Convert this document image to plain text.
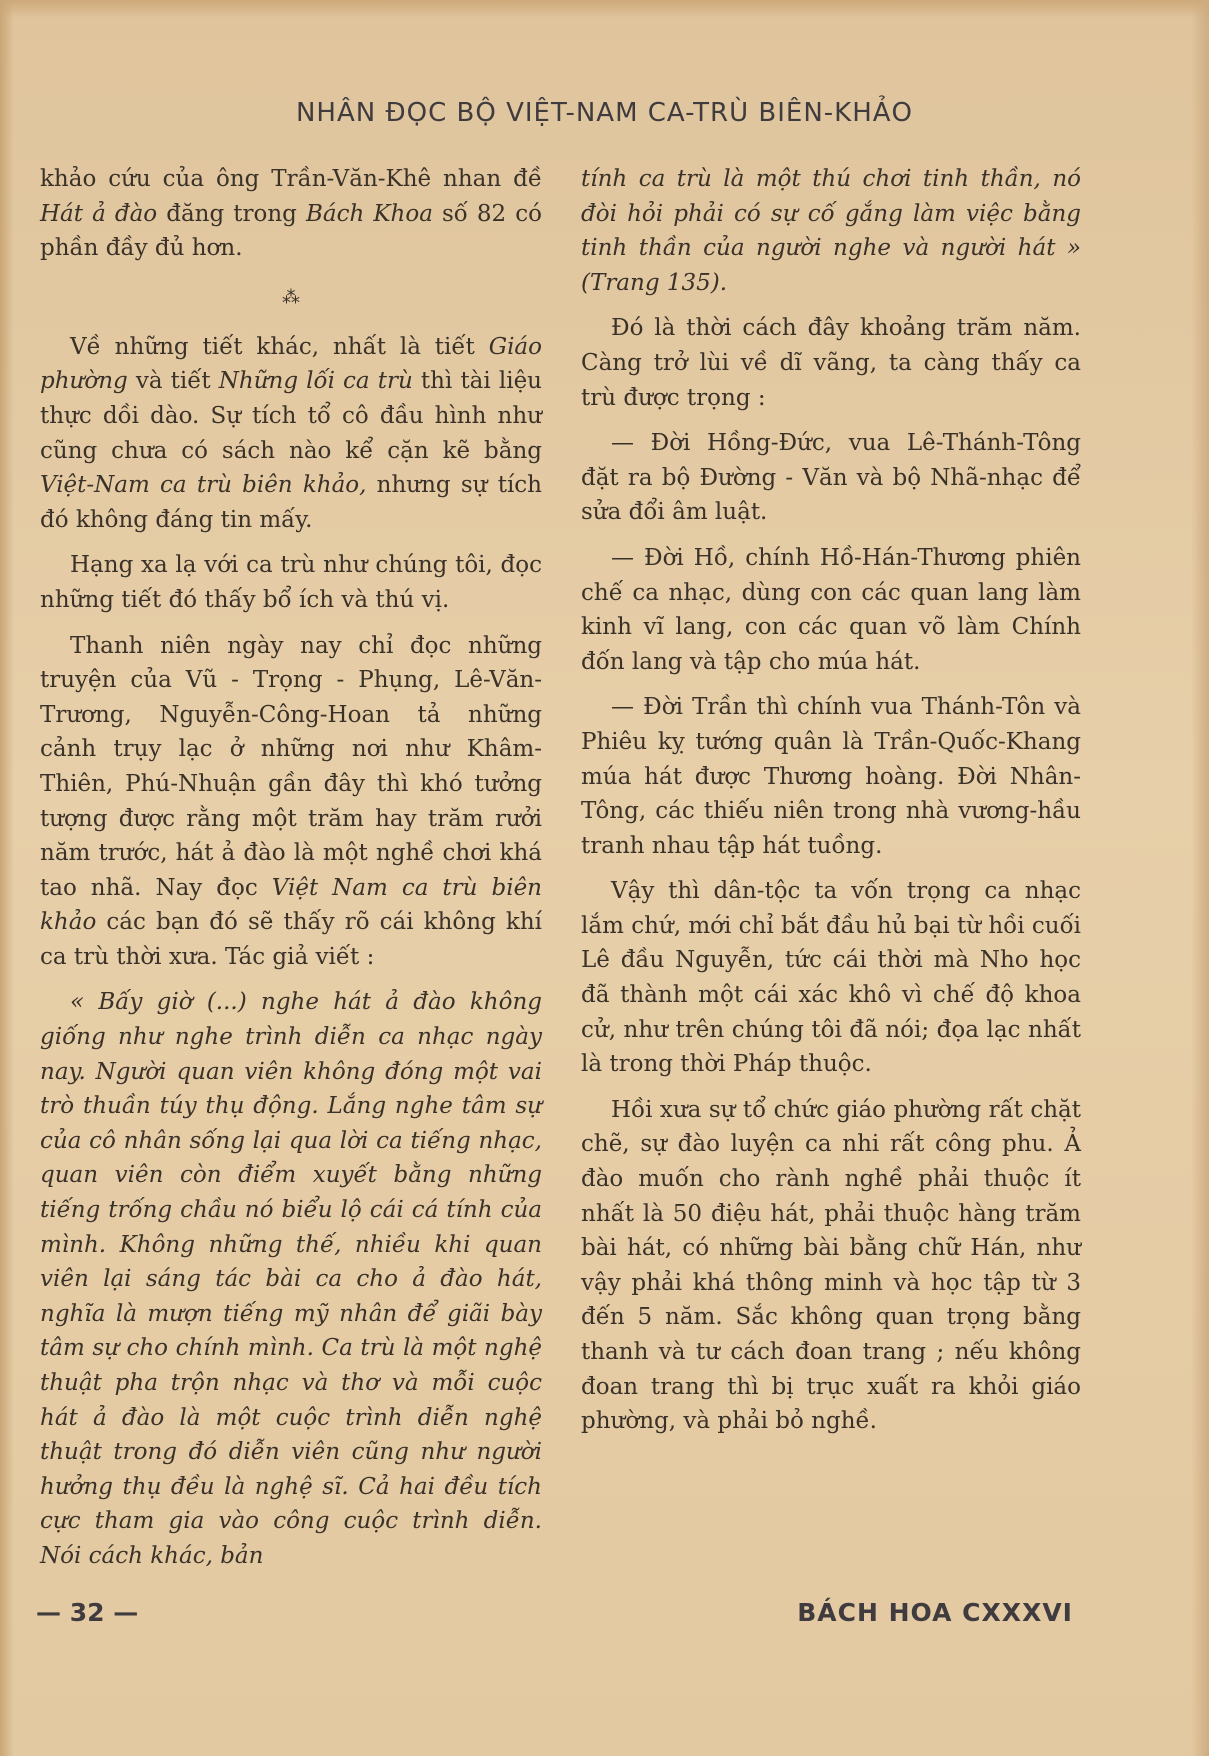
NHÂN ĐỌC BỘ VIỆT-NAM CA-TRÙ BIÊN-KHẢO

khảo cứu của ông Trần-Văn-Khê nhan đề Hát ả đào đăng trong Bách Khoa số 82 có phần đầy đủ hơn.

⁂

Về những tiết khác, nhất là tiết Giáo phường và tiết Những lối ca trù thì tài liệu thực dồi dào. Sự tích tổ cô đầu hình như cũng chưa có sách nào kể cặn kẽ bằng Việt-Nam ca trù biên khảo, nhưng sự tích đó không đáng tin mấy.

Hạng xa lạ với ca trù như chúng tôi, đọc những tiết đó thấy bổ ích và thú vị.

Thanh niên ngày nay chỉ đọc những truyện của Vũ - Trọng - Phụng, Lê-Văn-Trương, Nguyễn-Công-Hoan tả những cảnh trụy lạc ở những nơi như Khâm-Thiên, Phú-Nhuận gần đây thì khó tưởng tượng được rằng một trăm hay trăm rưởi năm trước, hát ả đào là một nghề chơi khá tao nhã. Nay đọc Việt Nam ca trù biên khảo các bạn đó sẽ thấy rõ cái không khí ca trù thời xưa. Tác giả viết :

« Bấy giờ (...) nghe hát ả đào không giống như nghe trình diễn ca nhạc ngày nay. Người quan viên không đóng một vai trò thuần túy thụ động. Lắng nghe tâm sự của cô nhân sống lại qua lời ca tiếng nhạc, quan viên còn điểm xuyết bằng những tiếng trống chầu nó biểu lộ cái cá tính của mình. Không những thế, nhiều khi quan viên lại sáng tác bài ca cho ả đào hát, nghĩa là mượn tiếng mỹ nhân để giãi bày tâm sự cho chính mình. Ca trù là một nghệ thuật pha trộn nhạc và thơ và mỗi cuộc hát ả đào là một cuộc trình diễn nghệ thuật trong đó diễn viên cũng như người hưởng thụ đều là nghệ sĩ. Cả hai đều tích cực tham gia vào công cuộc trình diễn. Nói cách khác, bản

tính ca trù là một thú chơi tinh thần, nó đòi hỏi phải có sự cố gắng làm việc bằng tinh thần của người nghe và người hát » (Trang 135).

Đó là thời cách đây khoảng trăm năm. Càng trở lùi về dĩ vãng, ta càng thấy ca trù được trọng :

— Đời Hồng-Đức, vua Lê-Thánh-Tông đặt ra bộ Đường - Văn và bộ Nhã-nhạc để sửa đổi âm luật.

— Đời Hồ, chính Hồ-Hán-Thương phiên chế ca nhạc, dùng con các quan lang làm kinh vĩ lang, con các quan võ làm Chính đốn lang và tập cho múa hát.

— Đời Trần thì chính vua Thánh-Tôn và Phiêu kỵ tướng quân là Trần-Quốc-Khang múa hát được Thương hoàng. Đời Nhân-Tông, các thiếu niên trong nhà vương-hầu tranh nhau tập hát tuồng.

Vậy thì dân-tộc ta vốn trọng ca nhạc lắm chứ, mới chỉ bắt đầu hủ bại từ hồi cuối Lê đầu Nguyễn, tức cái thời mà Nho học đã thành một cái xác khô vì chế độ khoa cử, như trên chúng tôi đã nói; đọa lạc nhất là trong thời Pháp thuộc.

Hồi xưa sự tổ chức giáo phường rất chặt chẽ, sự đào luyện ca nhi rất công phu. Ả đào muốn cho rành nghề phải thuộc ít nhất là 50 điệu hát, phải thuộc hàng trăm bài hát, có những bài bằng chữ Hán, như vậy phải khá thông minh và học tập từ 3 đến 5 năm. Sắc không quan trọng bằng thanh và tư cách đoan trang ; nếu không đoan trang thì bị trục xuất ra khỏi giáo phường, và phải bỏ nghề.

— 32 —	BÁCH HOA CXXXVI
